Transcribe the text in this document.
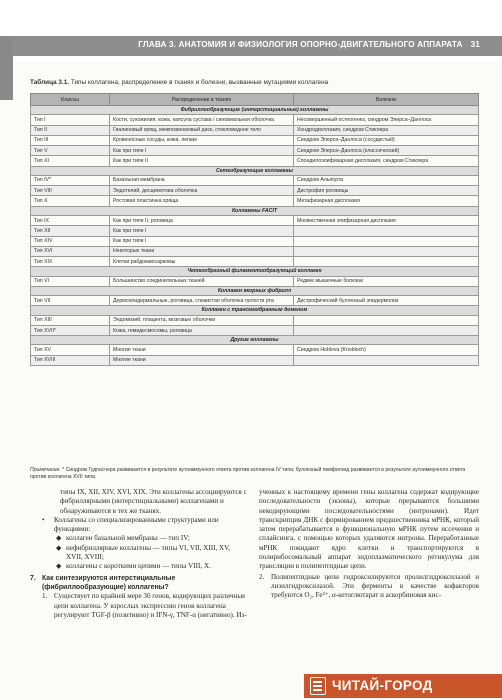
ГЛАВА 3. АНАТОМИЯ И ФИЗИОЛОГИЯ ОПОРНО-ДВИГАТЕЛЬНОГО АППАРАТА 31
Таблица 3.1. Типы коллагена, распределение в тканях и болезни, вызванные мутациями коллагена
Классы	Распределение в тканях	Болезни
Фибриллообразующие (интерстициальные) коллагены		
Тип I	Кости, сухожилия, кожа, капсула сустава / синовиальная оболочка	Несовершенный остеогенез, синдром Элерса–Данлоса
Тип II	Гиалиновый хрящ, межпозвонковый диск, стекловидное тело	Хондродисплазия, синдром Стиклера
Тип III	Кровеносные сосуды, кожа, легкие	Синдром Элерса–Данлоса (сосудистый)
Тип V	Как при типе I	Синдром Элерса–Данлоса (классический)
Тип XI	Как при типе II	Спондилоэпифизарная дисплазия, синдром Стиклера
Сетеобразующие коллагены		
Тип IV*	Базальная мембрана	Синдром Альпорта
Тип VIII	Эндотелий, десцеметова оболочка	Дистрофия роговицы
Тип X	Ростовая пластинка хряща	Метафизарная дисплазия
Коллагены FACIT		
Тип IX	Как при типе II, роговица	Множественная эпифизарная дисплазия
Тип XII	Как при типе I	
Тип XIV	Как при типе I	
Тип XVI	Некоторые ткани	
Тип XIX	Клетки рабдомиосаркомы	
Четкообразный филаментообразующий коллаген		
Тип VI	Большинство соединительных тканей	Редкие мышечные болезни
Коллаген якорных фибрилл		
Тип VII	Дермоэпидермальные, роговица, слизистая оболочка полости рта	Дистрофический буллезный эпидермолиз
Коллаген с трансмембранным доменом		
Тип XIII	Эндомизий, плацента, мозговые оболочки	
Тип XVII*	Кожа, гемидесмосомы, роговица	
Другие коллагены		
Тип XV	Многие ткани	Синдром Hoblova (Knobloch)
Тип XVIII	Многие ткани	
Примечание. * Синдром Гудпасчера развивается в результате аутоиммунного ответа против коллагена IV типа; буллезный пемфигоид развивается в результате аутоиммунного ответа против коллагена XVII типа.
типы IX, XII, XIV, XVI, XIX. Эти коллагены ассоциируются с фибриллярными (интерстициальными) коллагенами и обнаруживаются в тех же тканях.
• Коллагены со специализированными структурами или функциями:
◆ коллаген базальной мембраны — тип IV;
◆ нефибриллярные коллагены — типы VI, VII, XIII, XV, XVII, XVIII;
◆ коллагены с короткими цепями — типы VIII, X.
7. Как синтезируются интерстициальные (фибриллообразующие) коллагены?
1. Существует по крайней мере 30 генов, кодирующих различные цепи коллагена. У взрослых экспрессию генов коллагена регулируют TGF-β (позитивно) и IFN-γ, TNF-α (негативно). Из-
ученных к настоящему времени гены коллагена содержат кодирующие последовательности (экзоны), которые прерываются большими некодирующими последовательностями (интронами). Идет транскрипция ДНК с формированием предшественника мРНК, который затем перерабатывается в функциональную мРНК путем иссечения и сплайсинга, с помощью которых удаляются интроны. Переработанные мРНК покидают ядро клетки и транспортируются в полирибосомальный аппарат эндоплазматического ретикулума для трансляции в полипептидные цепи.
2. Полипептидные цепи гидроксилируются пролилгидроксилазой и лизилгидроксилазой. Эти ферменты в качестве кофакторов требуются O₂, Fe²⁺, α-кетоглютарат и аскорбиновая кис-
ЧИТАЙ-ГОРОД
